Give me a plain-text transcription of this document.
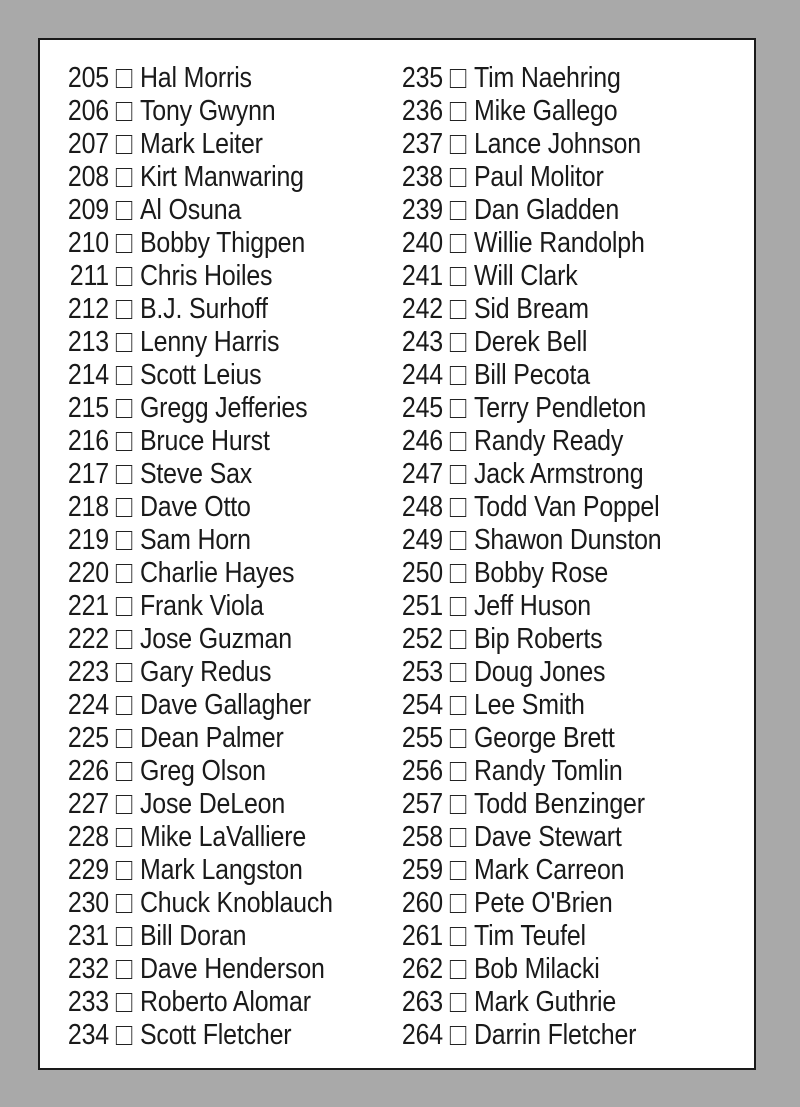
205 Hal Morris
206 Tony Gwynn
207 Mark Leiter
208 Kirt Manwaring
209 Al Osuna
210 Bobby Thigpen
211 Chris Hoiles
212 B.J. Surhoff
213 Lenny Harris
214 Scott Leius
215 Gregg Jefferies
216 Bruce Hurst
217 Steve Sax
218 Dave Otto
219 Sam Horn
220 Charlie Hayes
221 Frank Viola
222 Jose Guzman
223 Gary Redus
224 Dave Gallagher
225 Dean Palmer
226 Greg Olson
227 Jose DeLeon
228 Mike LaValliere
229 Mark Langston
230 Chuck Knoblauch
231 Bill Doran
232 Dave Henderson
233 Roberto Alomar
234 Scott Fletcher
235 Tim Naehring
236 Mike Gallego
237 Lance Johnson
238 Paul Molitor
239 Dan Gladden
240 Willie Randolph
241 Will Clark
242 Sid Bream
243 Derek Bell
244 Bill Pecota
245 Terry Pendleton
246 Randy Ready
247 Jack Armstrong
248 Todd Van Poppel
249 Shawon Dunston
250 Bobby Rose
251 Jeff Huson
252 Bip Roberts
253 Doug Jones
254 Lee Smith
255 George Brett
256 Randy Tomlin
257 Todd Benzinger
258 Dave Stewart
259 Mark Carreon
260 Pete O'Brien
261 Tim Teufel
262 Bob Milacki
263 Mark Guthrie
264 Darrin Fletcher
